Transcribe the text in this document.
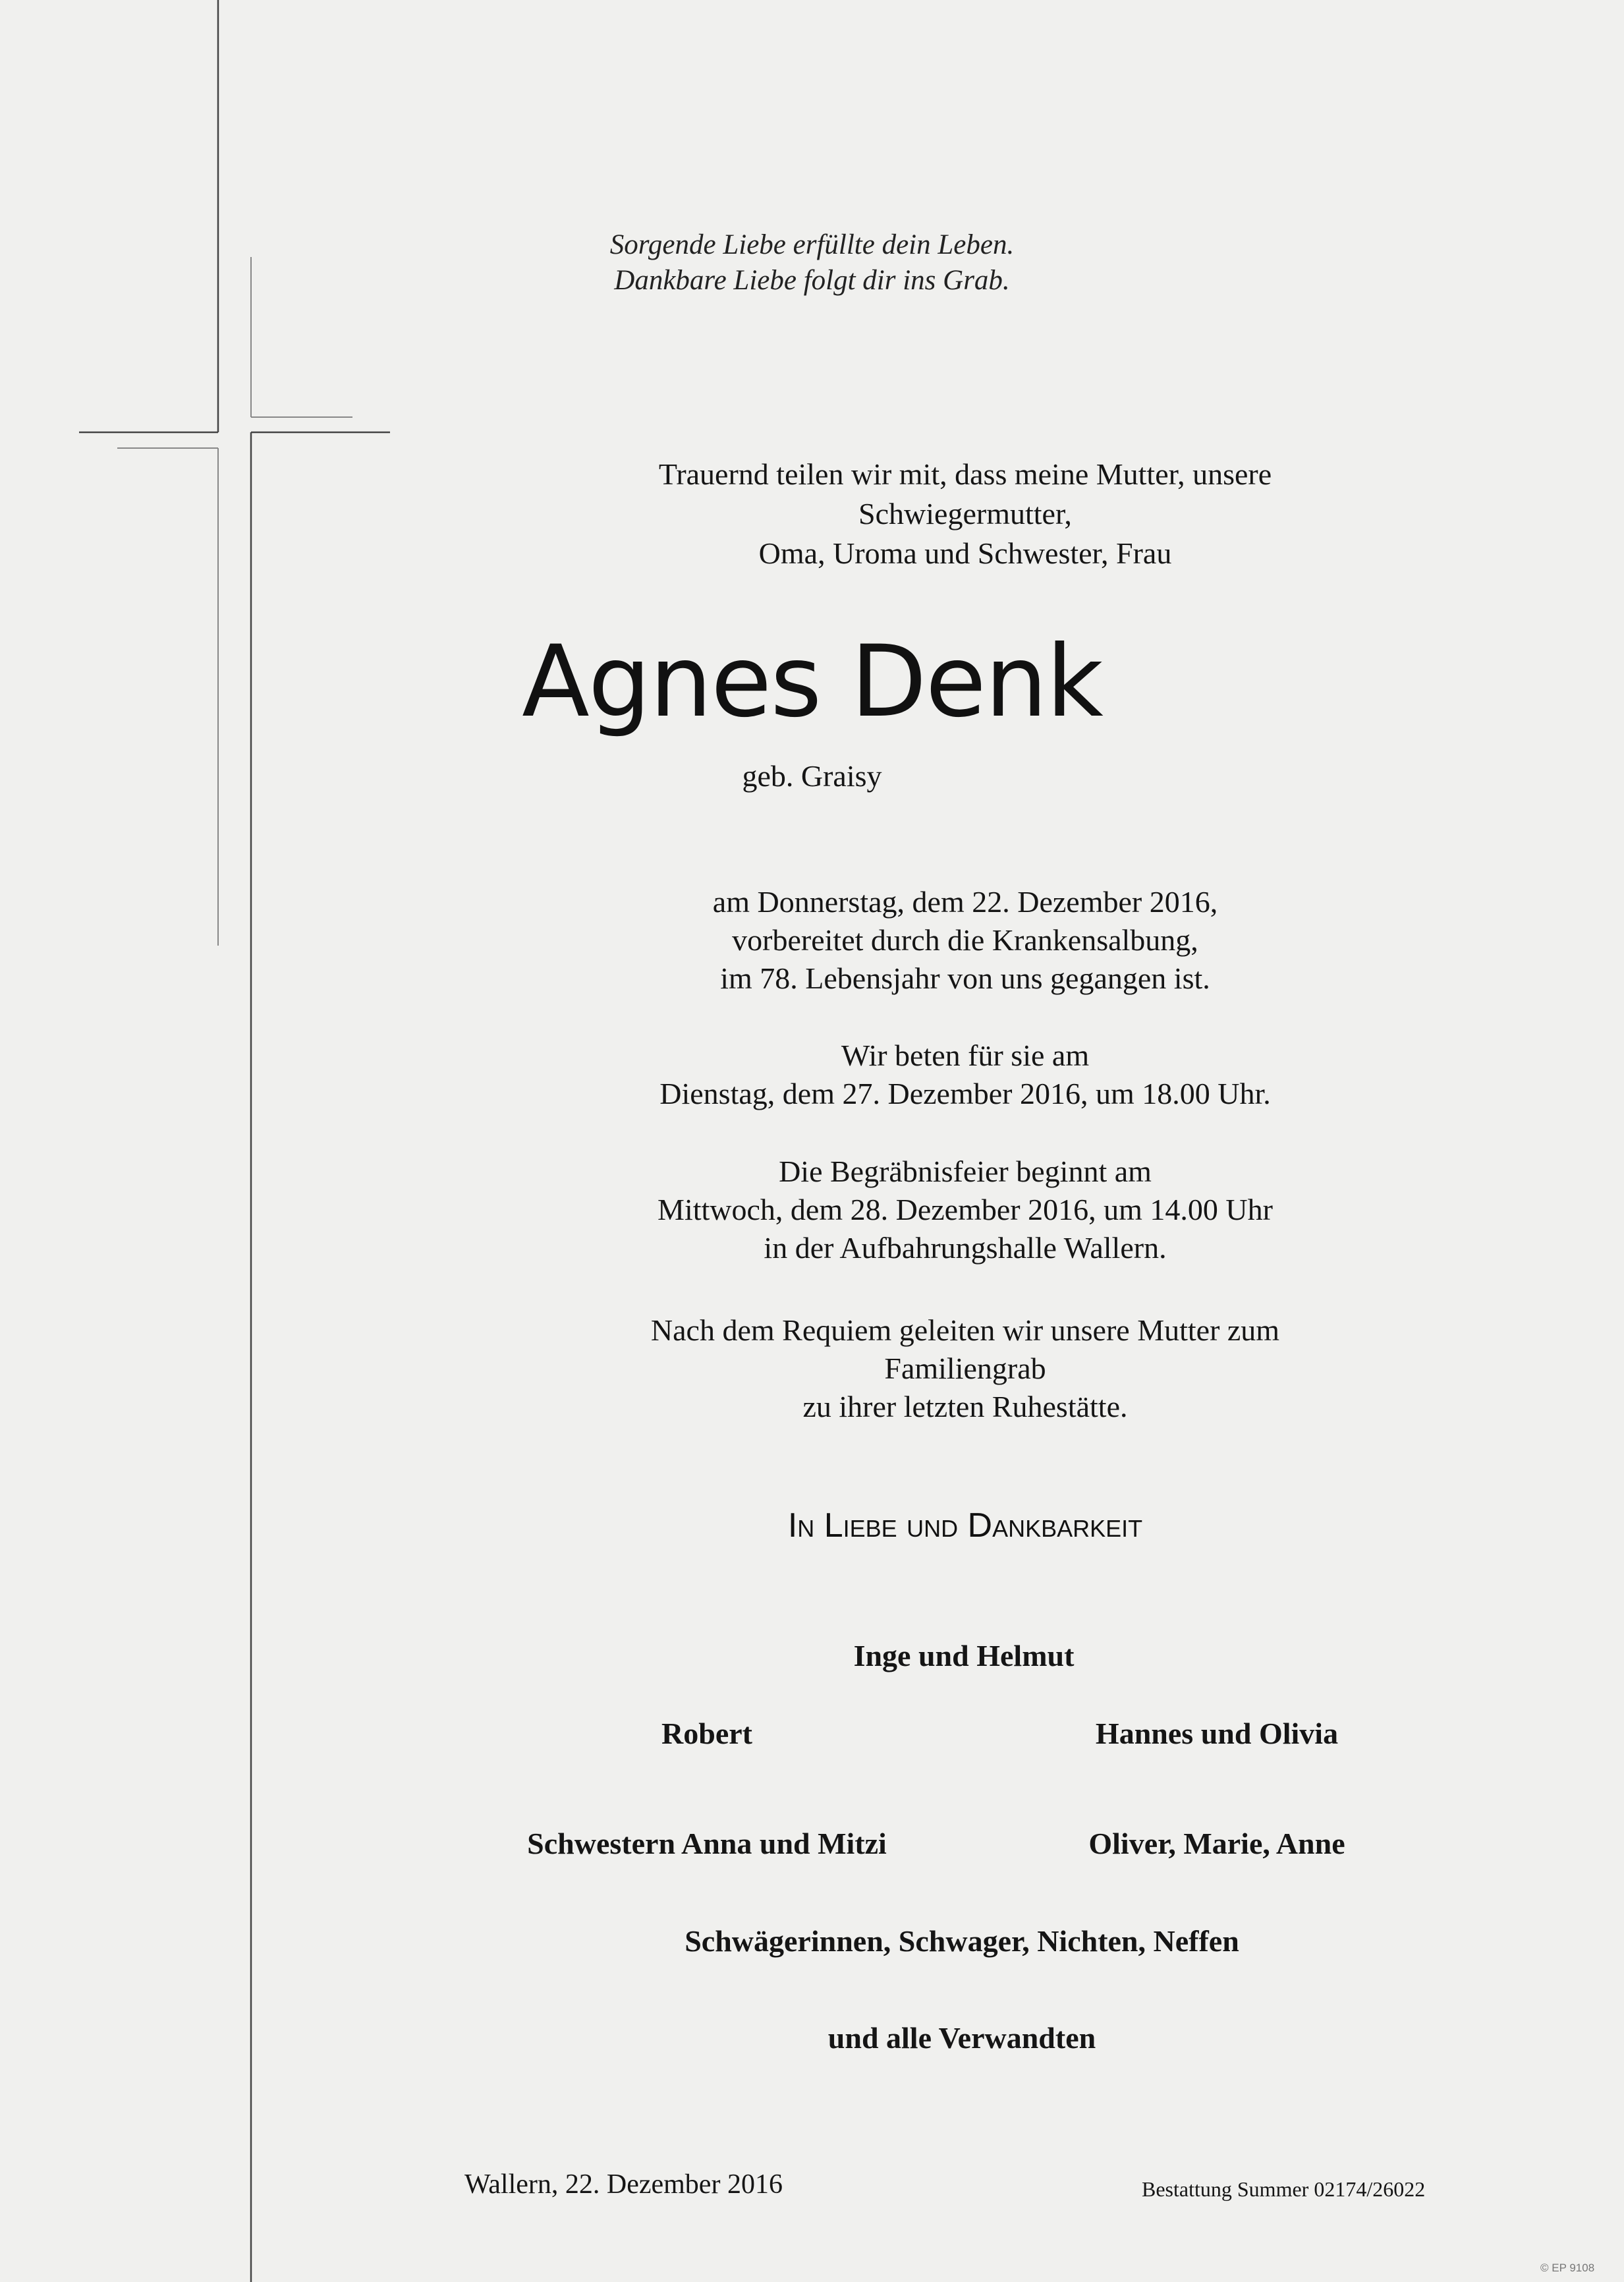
Sorgende Liebe erfüllte dein Leben.
Dankbare Liebe folgt dir ins Grab.
Trauernd teilen wir mit, dass meine Mutter, unsere Schwiegermutter,
Oma, Uroma und Schwester, Frau
Agnes Denk
geb. Graisy
am Donnerstag, dem 22. Dezember 2016,
vorbereitet durch die Krankensalbung,
im 78. Lebensjahr von uns gegangen ist.
Wir beten für sie am
Dienstag, dem 27. Dezember 2016, um 18.00 Uhr.
Die Begräbnisfeier beginnt am
Mittwoch, dem 28. Dezember 2016, um 14.00 Uhr
in der Aufbahrungshalle Wallern.
Nach dem Requiem geleiten wir unsere Mutter zum Familiengrab
zu ihrer letzten Ruhestätte.
In Liebe und Dankbarkeit
Inge und Helmut
Robert	Hannes und Olivia
Schwestern Anna und Mitzi	Oliver, Marie, Anne
Schwägerinnen, Schwager, Nichten, Neffen
und alle Verwandten
Wallern, 22. Dezember 2016	Bestattung Summer 02174/26022
© EP 9108
